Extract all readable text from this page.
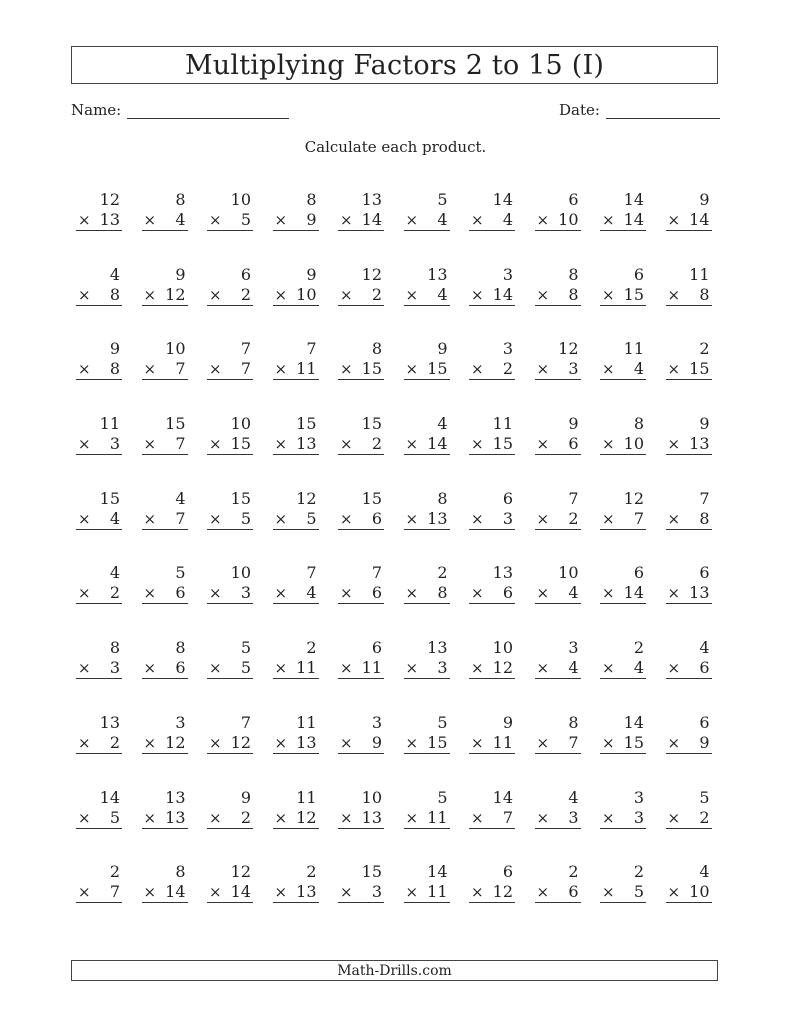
Multiplying Factors 2 to 15 (I)
Name:	Date:
Calculate each product.
12
× 13
8
× 4
10
× 5
8
× 9
13
× 14
5
× 4
14
× 4
6
× 10
14
× 14
9
× 14
4
× 8
9
× 12
6
× 2
9
× 10
12
× 2
13
× 4
3
× 14
8
× 8
6
× 15
11
× 8
9
× 8
10
× 7
7
× 7
7
× 11
8
× 15
9
× 15
3
× 2
12
× 3
11
× 4
2
× 15
11
× 3
15
× 7
10
× 15
15
× 13
15
× 2
4
× 14
11
× 15
9
× 6
8
× 10
9
× 13
15
× 4
4
× 7
15
× 5
12
× 5
15
× 6
8
× 13
6
× 3
7
× 2
12
× 7
7
× 8
4
× 2
5
× 6
10
× 3
7
× 4
7
× 6
2
× 8
13
× 6
10
× 4
6
× 14
6
× 13
8
× 3
8
× 6
5
× 5
2
× 11
6
× 11
13
× 3
10
× 12
3
× 4
2
× 4
4
× 6
13
× 2
3
× 12
7
× 12
11
× 13
3
× 9
5
× 15
9
× 11
8
× 7
14
× 15
6
× 9
14
× 5
13
× 13
9
× 2
11
× 12
10
× 13
5
× 11
14
× 7
4
× 3
3
× 3
5
× 2
2
× 7
8
× 14
12
× 14
2
× 13
15
× 3
14
× 11
6
× 12
2
× 6
2
× 5
4
× 10
Math-Drills.com
